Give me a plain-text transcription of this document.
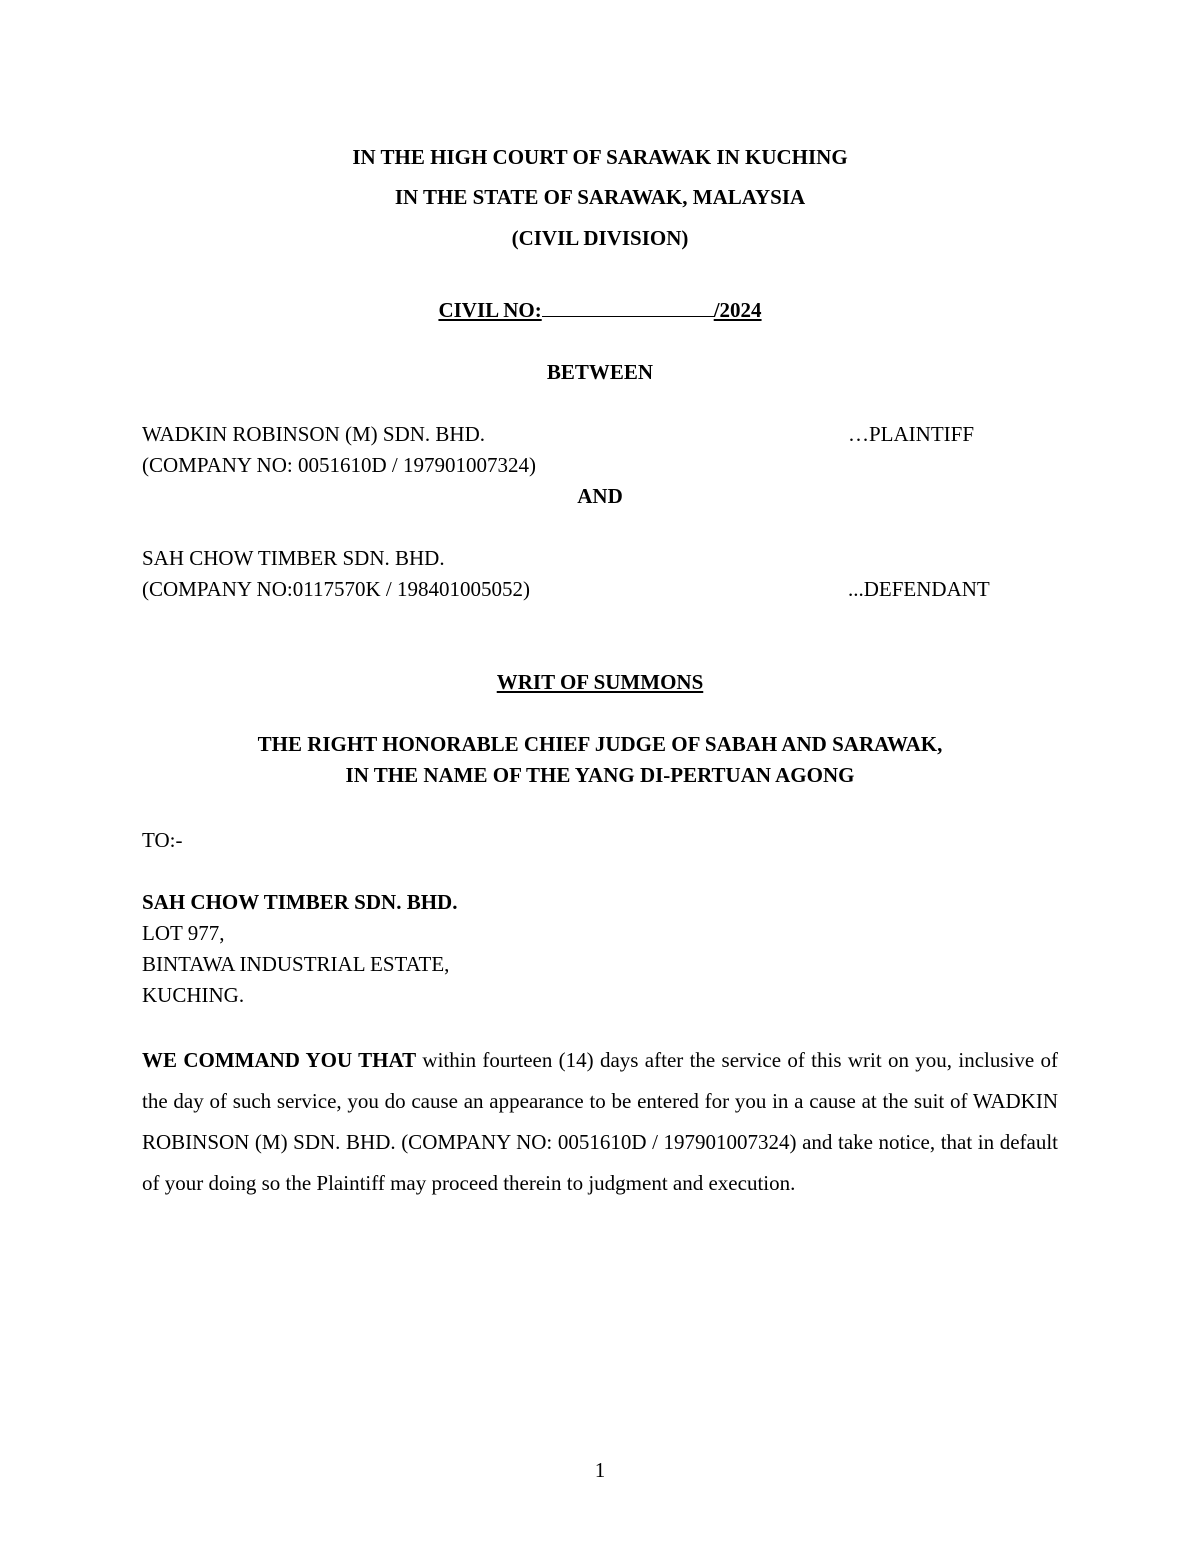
IN THE HIGH COURT OF SARAWAK IN KUCHING
IN THE STATE OF SARAWAK, MALAYSIA
(CIVIL DIVISION)
CIVIL NO:	/2024
BETWEEN
WADKIN ROBINSON (M) SDN. BHD.	…PLAINTIFF
(COMPANY NO: 0051610D / 197901007324)
AND
SAH CHOW TIMBER SDN. BHD.
(COMPANY NO:0117570K / 198401005052)	...DEFENDANT
WRIT OF SUMMONS
THE RIGHT HONORABLE CHIEF JUDGE OF SABAH AND SARAWAK,
IN THE NAME OF THE YANG DI-PERTUAN AGONG
TO:-
SAH CHOW TIMBER SDN. BHD.
LOT 977,
BINTAWA INDUSTRIAL ESTATE,
KUCHING.

WE COMMAND YOU THAT within fourteen (14) days after the service of this writ on you, inclusive of the day of such service, you do cause an appearance to be entered for you in a cause at the suit of WADKIN ROBINSON (M) SDN. BHD. (COMPANY NO: 0051610D / 197901007324) and take notice, that in default of your doing so the Plaintiff may proceed therein to judgment and execution.

1
